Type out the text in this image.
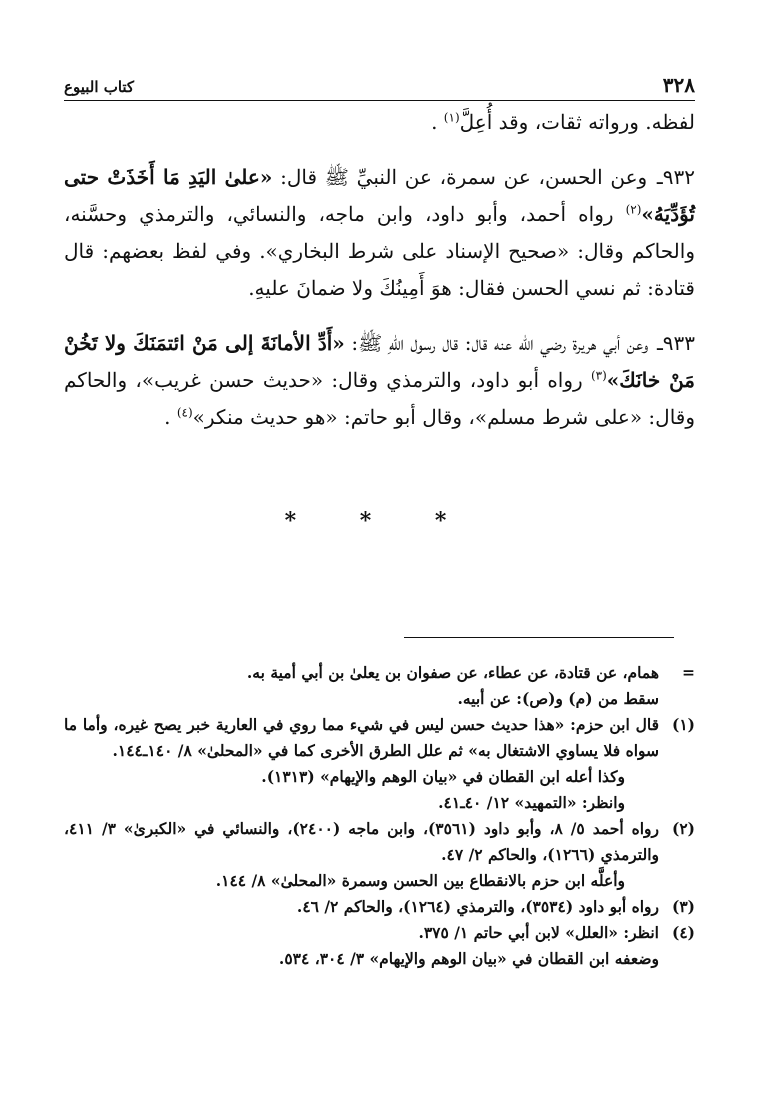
٣٢٨
كتاب البيوع

لفظه. ورواته ثقات، وقد أُعِلَّ$^{(١)}$ .

٩٣٢ـ وعن الحسن، عن سمرة، عن النبيِّ ﷺ قال: «علىٰ اليَدِ مَا أَخَذَتْ حتى تُؤَدِّيَهُ»$^{(٢)}$ رواه أحمد، وأبو داود، وابن ماجه، والنسائي، والترمذي وحسَّنه، والحاكم وقال: «صحيح الإسناد على شرط البخاري». وفي لفظ بعضهم: قال قتادة: ثم نسي الحسن فقال: هوَ أَمِينُكَ ولا ضمانَ عليهِ.

٩٣٣ـ وعن أبي هريرة رضي الله عنه قال: قال رسول اللهِ ﷺ: «أَدِّ الأمانَةَ إلى مَنْ ائتمَنَكَ ولا تَخُنْ مَنْ خانَكَ»$^{(٣)}$ رواه أبو داود، والترمذي وقال: «حديث حسن غريب»، والحاكم وقال: «على شرط مسلم»، وقال أبو حاتم: «هو حديث منكر»$^{(٤)}$ .

* * *
=
همام، عن قتادة، عن عطاء، عن صفوان بن يعلىٰ بن أبي أمية به.
سقط من (م) و(ص): عن أبيه.
(١)
قال ابن حزم: «هذا حديث حسن ليس في شيء مما روي في العارية خبر يصح غيره، وأما ما سواه فلا يساوي الاشتغال به» ثم علل الطرق الأخرى كما في «المحلىٰ» ٨/ ١٤٠ـ١٤٤.
وكذا أعله ابن القطان في «بيان الوهم والإيهام» (١٣١٣).
وانظر: «التمهيد» ١٢/ ٤٠ـ٤١.
(٢)
رواه أحمد ٥/ ٨، وأبو داود (٣٥٦١)، وابن ماجه (٢٤٠٠)، والنسائي في «الكبرىٰ» ٣/ ٤١١، والترمذي (١٢٦٦)، والحاكم ٢/ ٤٧.
وأعلَّه ابن حزم بالانقطاع بين الحسن وسمرة «المحلىٰ» ٨/ ١٤٤.
(٣)
رواه أبو داود (٣٥٣٤)، والترمذي (١٢٦٤)، والحاكم ٢/ ٤٦.
(٤)
انظر: «العلل» لابن أبي حاتم ١/ ٣٧٥.
وضعفه ابن القطان في «بيان الوهم والإيهام» ٣/ ٣٠٤، ٥٣٤.
